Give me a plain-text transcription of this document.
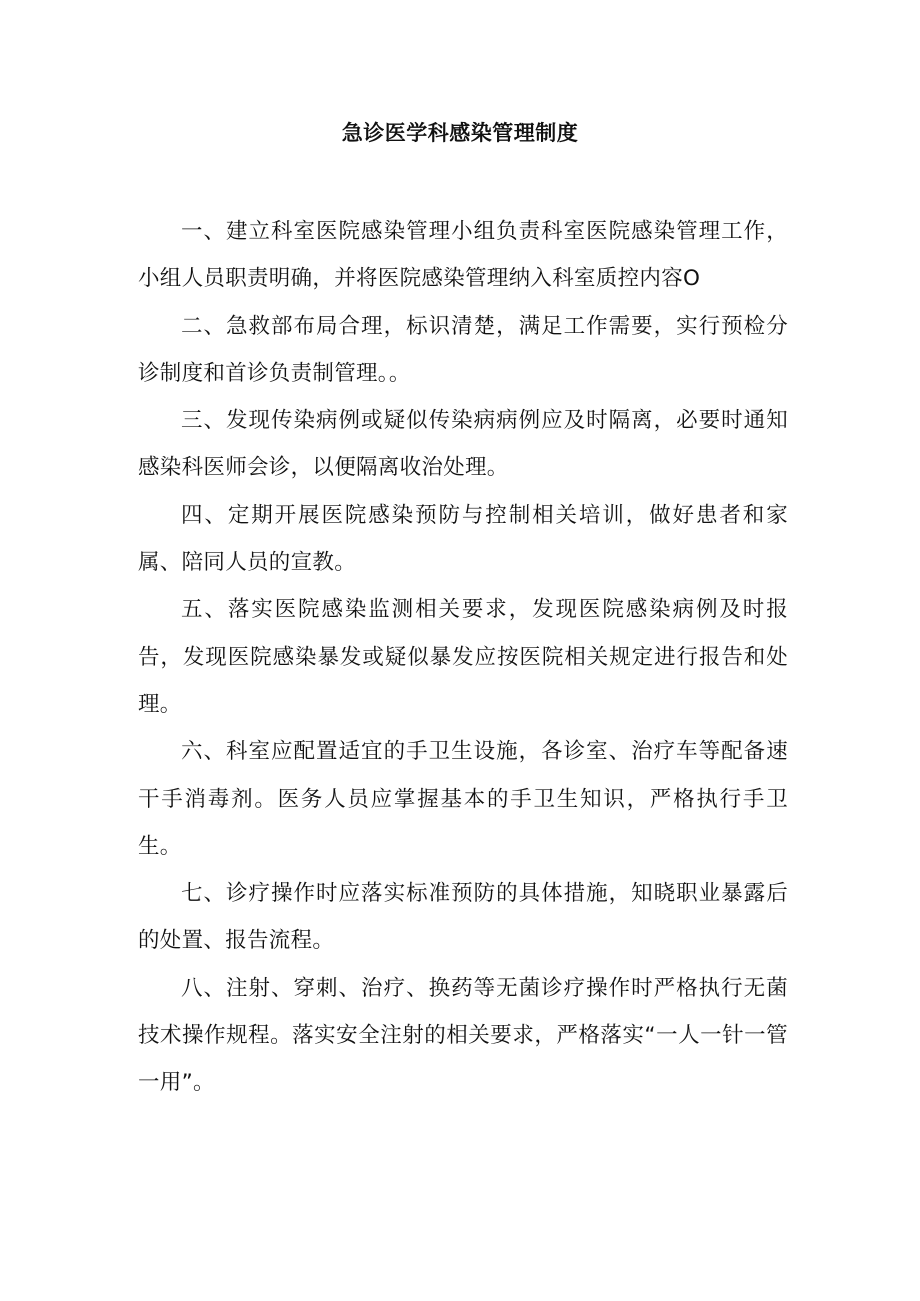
急诊医学科感染管理制度

一、建立科室医院感染管理小组负责科室医院感染管理工作，小组人员职责明确，并将医院感染管理纳入科室质控内容O

二、急救部布局合理，标识清楚，满足工作需要，实行预检分诊制度和首诊负责制管理。。

三、发现传染病例或疑似传染病病例应及时隔离，必要时通知感染科医师会诊，以便隔离收治处理。

四、定期开展医院感染预防与控制相关培训，做好患者和家属、陪同人员的宣教。

五、落实医院感染监测相关要求，发现医院感染病例及时报告，发现医院感染暴发或疑似暴发应按医院相关规定进行报告和处理。

六、科室应配置适宜的手卫生设施，各诊室、治疗车等配备速干手消毒剂。医务人员应掌握基本的手卫生知识，严格执行手卫生。

七、诊疗操作时应落实标准预防的具体措施，知晓职业暴露后的处置、报告流程。

八、注射、穿刺、治疗、换药等无菌诊疗操作时严格执行无菌技术操作规程。落实安全注射的相关要求，严格落实“一人一针一管一用”。
